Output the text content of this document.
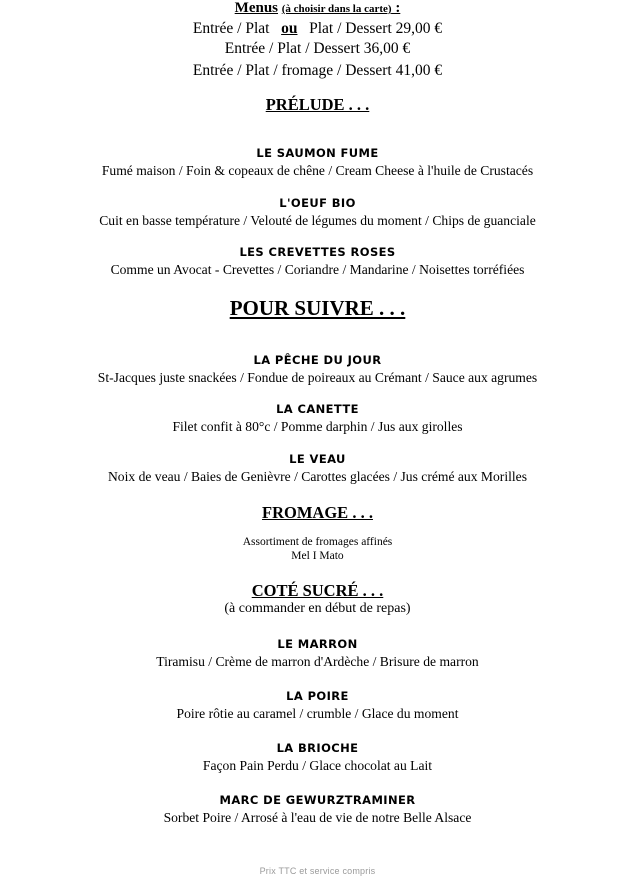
Menus (à choisir dans la carte) :
Entrée / Plat ou Plat / Dessert 29,00 €
Entrée / Plat / Dessert 36,00 €
Entrée / Plat / fromage / Dessert 41,00 €
PRÉLUDE . . .
LE SAUMON FUME
Fumé maison / Foin & copeaux de chêne / Cream Cheese à l'huile de Crustacés
L'OEUF BIO
Cuit en basse température / Velouté de légumes du moment / Chips de guanciale
LES CREVETTES ROSES
Comme un Avocat - Crevettes / Coriandre / Mandarine / Noisettes torréfiées
POUR SUIVRE . . .
LA PÊCHE DU JOUR
St-Jacques juste snackées / Fondue de poireaux au Crémant / Sauce aux agrumes
LA CANETTE
Filet confit à 80°c / Pomme darphin / Jus aux girolles
LE VEAU
Noix de veau / Baies de Genièvre / Carottes glacées / Jus crémé aux Morilles
FROMAGE . . .
Assortiment de fromages affinés
Mel I Mato
COTÉ SUCRÉ . . .
(à commander en début de repas)
LE MARRON
Tiramisu / Crème de marron d'Ardèche / Brisure de marron
LA POIRE
Poire rôtie au caramel / crumble / Glace du moment
LA BRIOCHE
Façon Pain Perdu / Glace chocolat au Lait
MARC DE GEWURZTRAMINER
Sorbet Poire / Arrosé à l'eau de vie de notre Belle Alsace
Prix TTC et service compris
